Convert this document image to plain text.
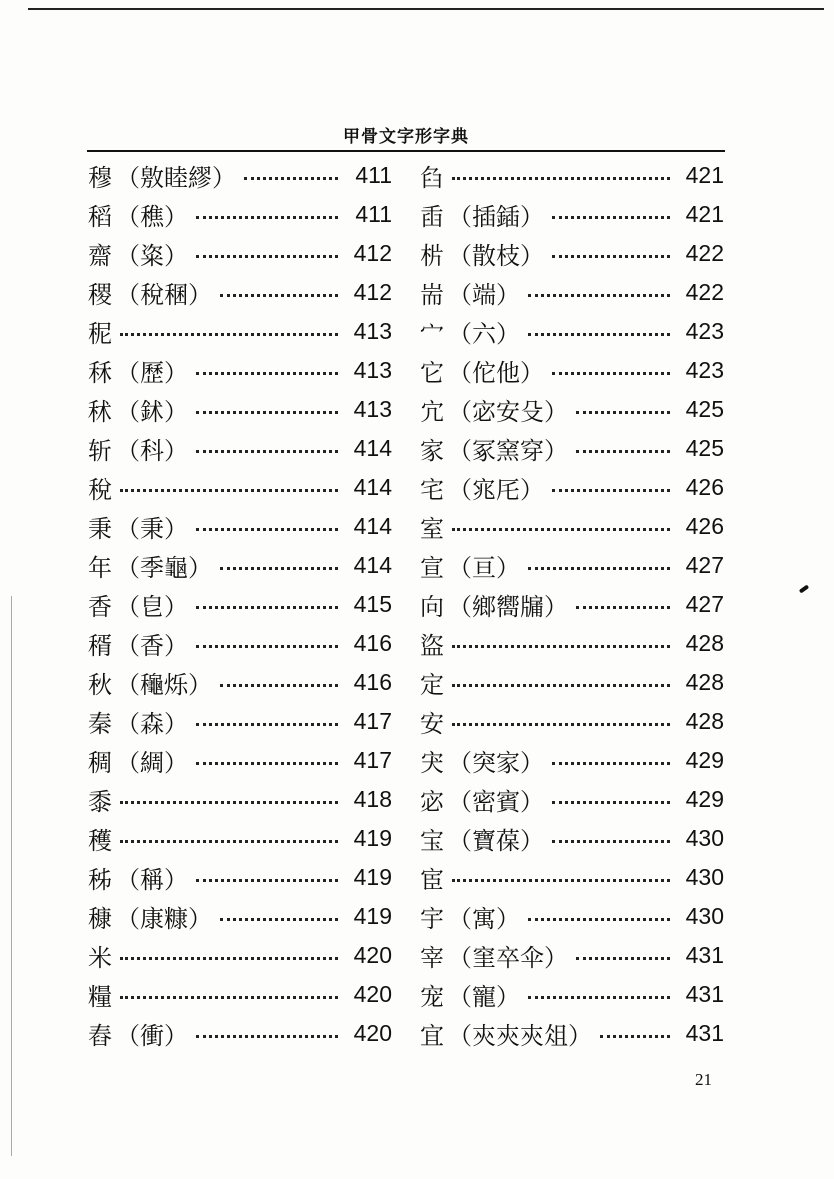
甲骨文字形字典
穆	（ 敫睦繆 ）	411
稻	（ 穛 ）	411
齋	（ 粢 ）	412
稷	（ 稅稛 ）	412
秜	413
秝	（ 歷 ）	413
秫	（ 鉥 ）	413
斩	（ 科 ）	414
稅	414
秉	（ 秉 ）	414
年	（ 季龜 ）	414
香	（ 皀 ）	415
稰	（ 香 ）	416
秋	（ 龝烁 ）	416
秦	（ 森 ）	417
稠	（ 綢 ）	417
黍	418
穫	419
秭	（ 稱 ）	419
穅	（ 康糠 ）	419
米	420
糧	420
舂	（ 衝 ）	420
臽	421
臿	（ 插鍤 ）	421
㭊	（ 散枝 ）	422
耑	（ 端 ）	422
宀	（ 六 ）	423
它	（ 佗他 ）	423
宂	（ 宓安殳 ）	425
家	（ 冢窯穿 ）	425
宅	（ 宨厇 ）	426
室	426
宣	（ 亘 ）	427
向	（ 鄉嚮牖 ）	427
盜	428
定	428
安	428
宊	（ 突家 ）	429
宓	（ 密賓 ）	429
宝	（ 寶葆 ）	430
宦	430
宇	（ 寓 ）	430
宰	（ 窐卒伞 ）	431
宠	（ 寵 ）	431
宜	（ 㚒㚒㚒俎 ）	431
21
